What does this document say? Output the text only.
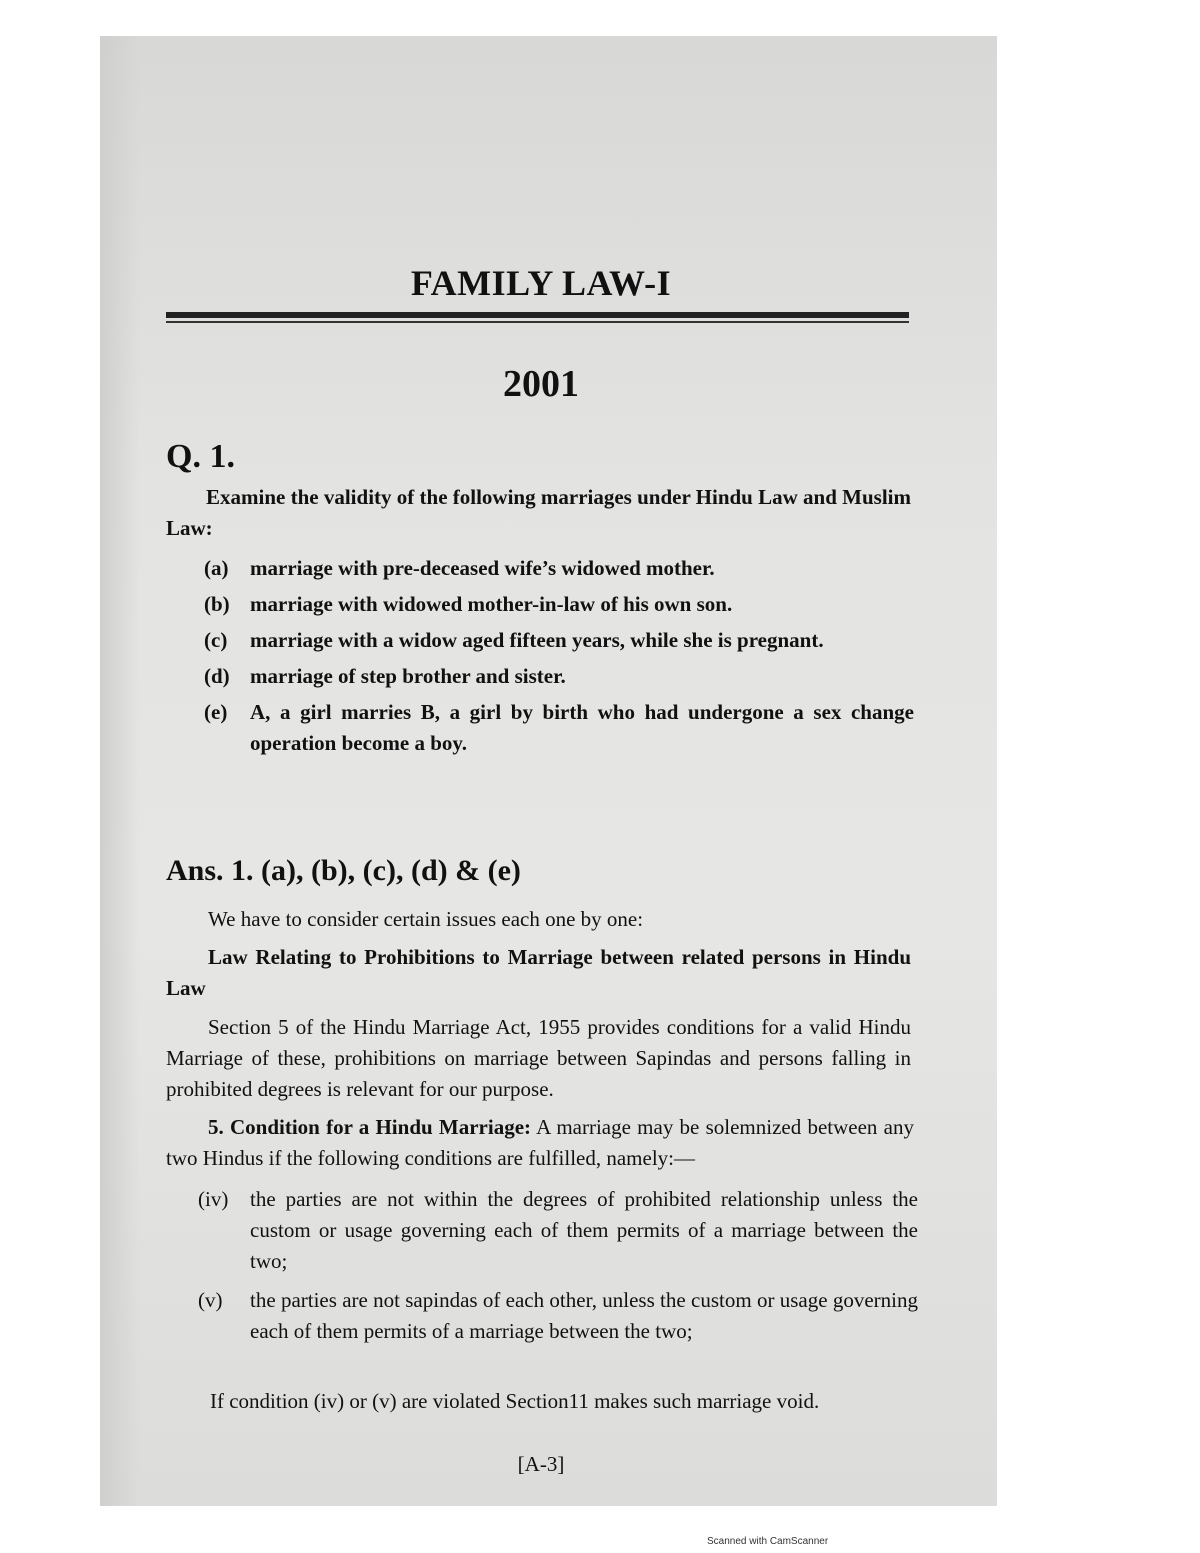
FAMILY LAW-I
2001
Q. 1.
Examine the validity of the following marriages under Hindu Law and Muslim Law:
(a)	marriage with pre-deceased wife’s widowed mother.
(b) marriage with widowed mother-in-law of his own son.
(c)	marriage with a widow aged fifteen years, while she is pregnant.
(d) marriage of step brother and sister.
(e)	A, a girl marries B, a girl by birth who had undergone a sex change operation become a boy.
Ans. 1. (a), (b), (c), (d) & (e)
We have to consider certain issues each one by one:
Law Relating to Prohibitions to Marriage between related persons in Hindu Law
Section 5 of the Hindu Marriage Act, 1955 provides conditions for a valid Hindu Marriage of these, prohibitions on marriage between Sapindas and persons falling in prohibited degrees is relevant for our purpose.
5. Condition for a Hindu Marriage: A marriage may be solemnized between any two Hindus if the following conditions are fulfilled, namely:—
(iv)	the parties are not within the degrees of prohibited relationship unless the custom or usage governing each of them permits of a marriage between the two;
(v)	the parties are not sapindas of each other, unless the custom or usage governing each of them permits of a marriage between the two;
If condition (iv) or (v) are violated Section11 makes such marriage void.
[A-3]
Scanned with CamScanner
